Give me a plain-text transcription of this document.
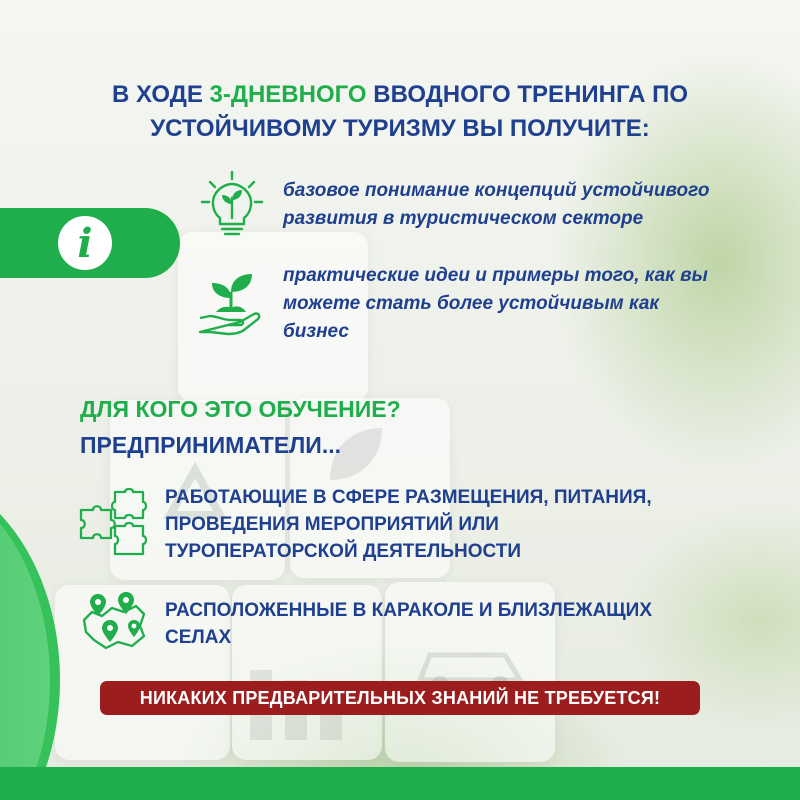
i
В ХОДЕ 3-ДНЕВНОГО ВВОДНОГО ТРЕНИНГА ПО
УСТОЙЧИВОМУ ТУРИЗМУ ВЫ ПОЛУЧИТЕ:
базовое понимание концепций устойчивого
развития в туристическом секторе
практические идеи и примеры того, как вы
можете стать более устойчивым как
бизнес
ДЛЯ КОГО ЭТО ОБУЧЕНИЕ?
ПРЕДПРИНИМАТЕЛИ...
РАБОТАЮЩИЕ В СФЕРЕ РАЗМЕЩЕНИЯ, ПИТАНИЯ,
ПРОВЕДЕНИЯ МЕРОПРИЯТИЙ ИЛИ
ТУРОПЕРАТОРСКОЙ ДЕЯТЕЛЬНОСТИ
РАСПОЛОЖЕННЫЕ В КАРАКОЛЕ И БЛИЗЛЕЖАЩИХ
СЕЛАХ
НИКАКИХ ПРЕДВАРИТЕЛЬНЫХ ЗНАНИЙ НЕ ТРЕБУЕТСЯ!
